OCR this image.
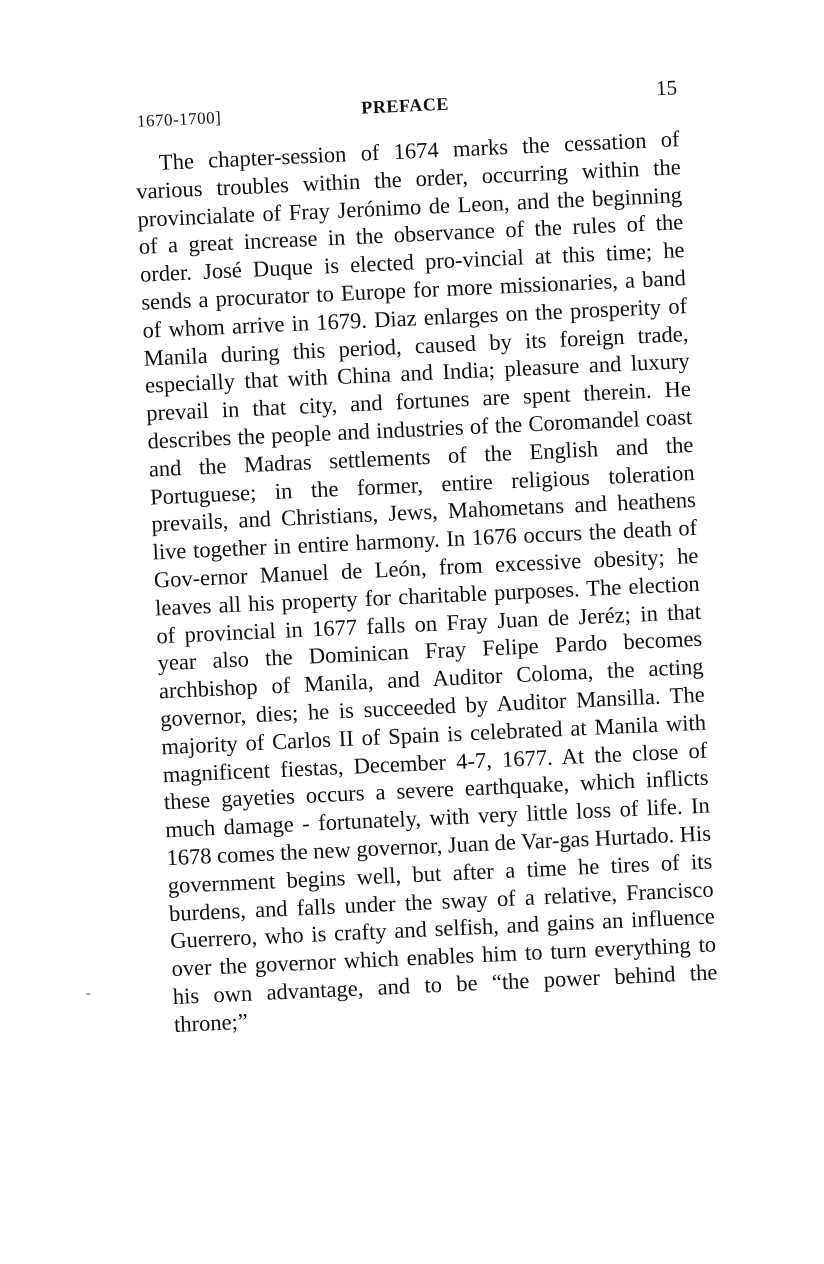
1670-1700]
PREFACE
15

The chapter-session of 1674 marks the cessation of various troubles within the order, occurring within the provincialate of Fray Jerónimo de Leon, and the beginning of a great increase in the observance of the rules of the order. José Duque is elected pro-vincial at this time; he sends a procurator to Europe for more missionaries, a band of whom arrive in 1679. Diaz enlarges on the prosperity of Manila during this period, caused by its foreign trade, especially that with China and India; pleasure and luxury prevail in that city, and fortunes are spent therein. He describes the people and industries of the Coromandel coast and the Madras settlements of the English and the Portuguese; in the former, entire religious toleration prevails, and Christians, Jews, Mahometans and heathens live together in entire harmony. In 1676 occurs the death of Gov-ernor Manuel de León, from excessive obesity; he leaves all his property for charitable purposes. The election of provincial in 1677 falls on Fray Juan de Jeréz; in that year also the Dominican Fray Felipe Pardo becomes archbishop of Manila, and Auditor Coloma, the acting governor, dies; he is succeeded by Auditor Mansilla. The majority of Carlos II of Spain is celebrated at Manila with magnificent fiestas, December 4-7, 1677. At the close of these gayeties occurs a severe earthquake, which inflicts much damage - fortunately, with very little loss of life. In 1678 comes the new governor, Juan de Var-gas Hurtado. His government begins well, but after a time he tires of its burdens, and falls under the sway of a relative, Francisco Guerrero, who is crafty and selfish, and gains an influence over the governor which enables him to turn everything to his own advantage, and to be “the power behind the throne;”

-
